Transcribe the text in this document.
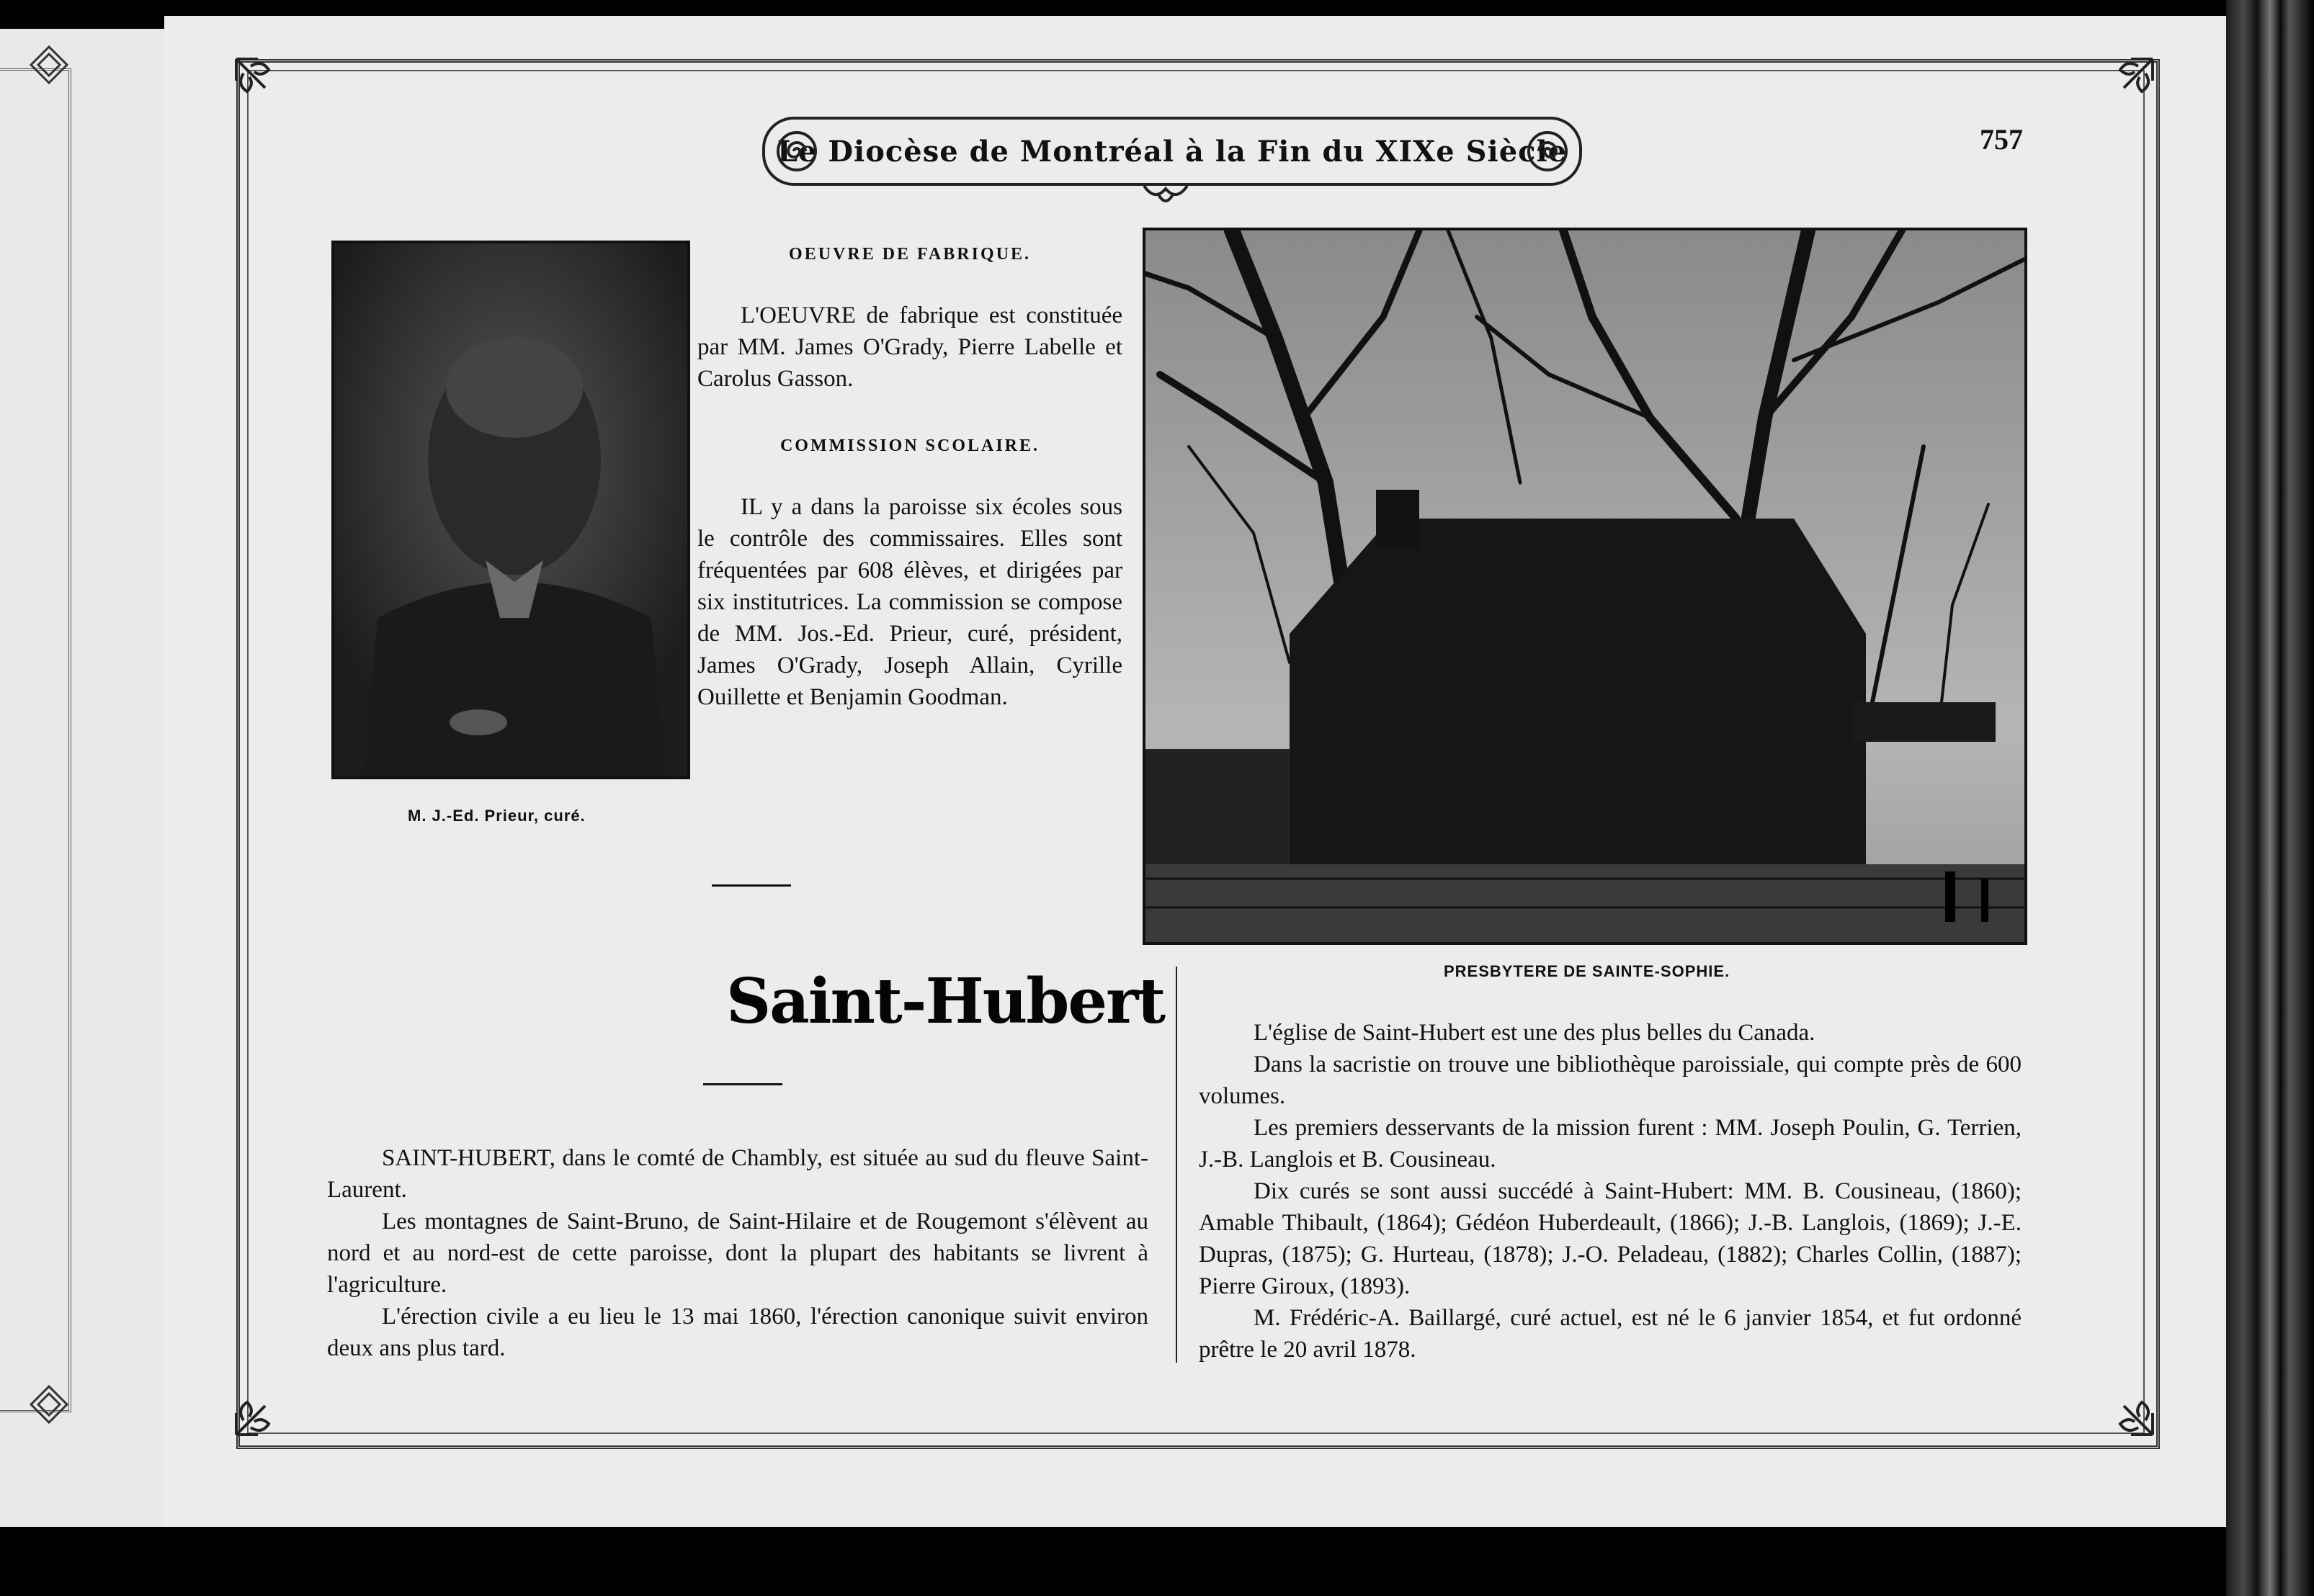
Le Diocèse de Montréal à la Fin du XIXe Siècle	757
M. J.-Ed. Prieur, curé.
OEUVRE DE FABRIQUE.

L'OEUVRE de fabrique est constituée par MM. James O'Grady, Pierre Labelle et Carolus Gasson.

COMMISSION SCOLAIRE.

IL y a dans la paroisse six écoles sous le contrôle des commissaires. Elles sont fréquentées par 608 élèves, et dirigées par six institutrices. La commission se compose de MM. Jos.-Ed. Prieur, curé, président, James O'Grady, Joseph Allain, Cyrille Ouillette et Benjamin Goodman.

PRESBYTERE DE SAINTE-SOPHIE.
Saint-Hubert

SAINT-HUBERT, dans le comté de Chambly, est située au sud du fleuve Saint-Laurent.

Les montagnes de Saint-Bruno, de Saint-Hilaire et de Rougemont s'élèvent au nord et au nord-est de cette paroisse, dont la plupart des habitants se livrent à l'agriculture.

L'érection civile a eu lieu le 13 mai 1860, l'érection canonique suivit environ deux ans plus tard.

L'église de Saint-Hubert est une des plus belles du Canada.

Dans la sacristie on trouve une bibliothèque paroissiale, qui compte près de 600 volumes.

Les premiers desservants de la mission furent : MM. Joseph Poulin, G. Terrien, J.-B. Langlois et B. Cousineau.

Dix curés se sont aussi succédé à Saint-Hubert: MM. B. Cousineau, (1860); Amable Thibault, (1864); Gédéon Huberdeault, (1866); J.-B. Langlois, (1869); J.-E. Dupras, (1875); G. Hurteau, (1878); J.-O. Peladeau, (1882); Charles Collin, (1887); Pierre Giroux, (1893).

M. Frédéric-A. Baillargé, curé actuel, est né le 6 janvier 1854, et fut ordonné prêtre le 20 avril 1878.
